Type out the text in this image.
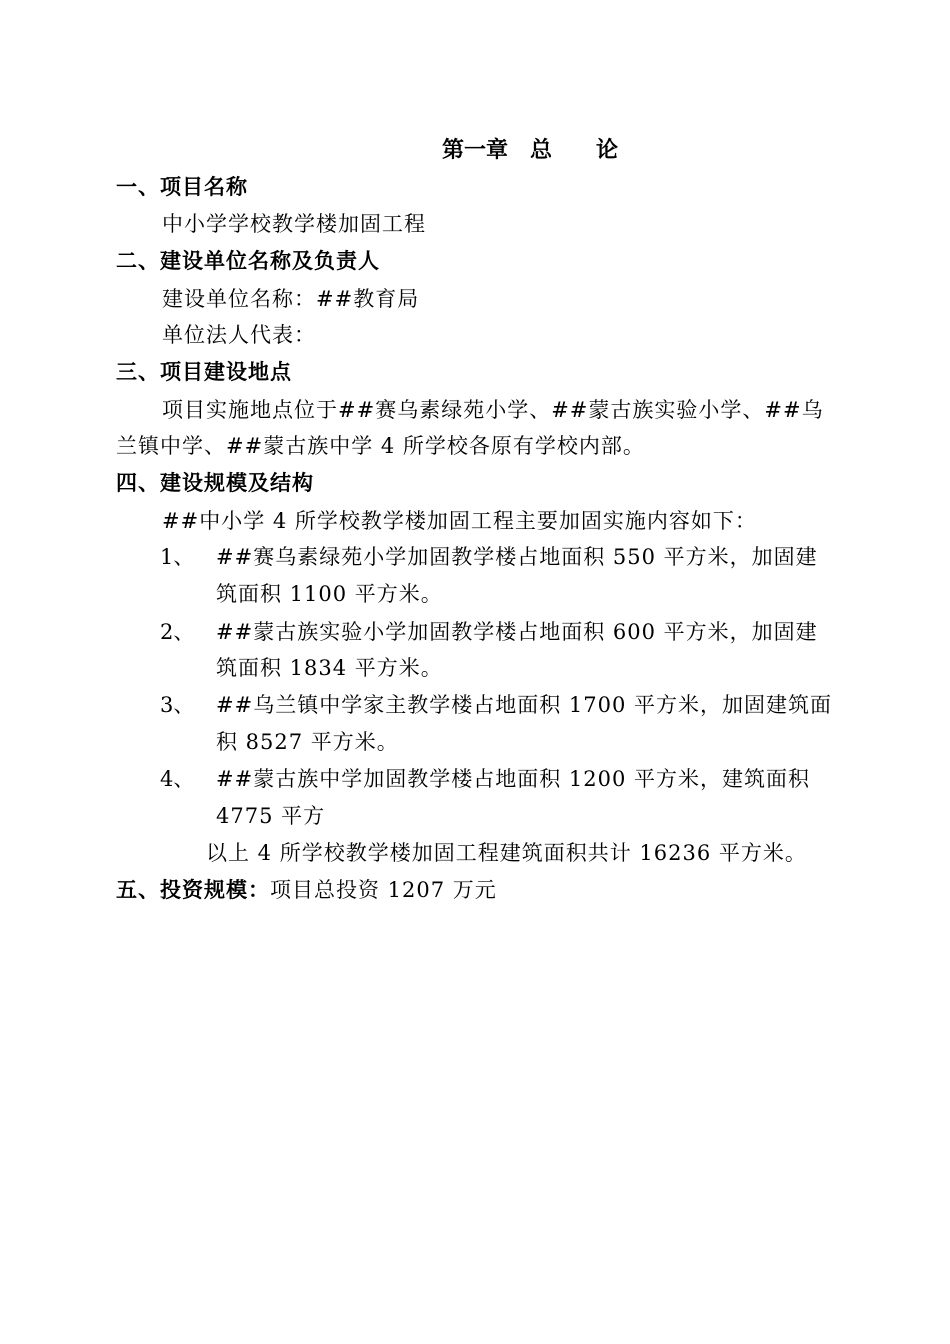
第一章　总　　论
一、项目名称
中小学学校教学楼加固工程
二、建设单位名称及负责人
建设单位名称：##教育局
单位法人代表：
三、项目建设地点
项目实施地点位于##赛乌素绿苑小学、##蒙古族实验小学、##乌
兰镇中学、##蒙古族中学 4 所学校各原有学校内部。
四、建设规模及结构
##中小学 4 所学校教学楼加固工程主要加固实施内容如下：
1、 ##赛乌素绿苑小学加固教学楼占地面积 550 平方米，加固建
筑面积 1100 平方米。
2、 ##蒙古族实验小学加固教学楼占地面积 600 平方米，加固建
筑面积 1834 平方米。
3、 ##乌兰镇中学家主教学楼占地面积 1700 平方米，加固建筑面
积 8527 平方米。
4、 ##蒙古族中学加固教学楼占地面积 1200 平方米，建筑面积
4775 平方
以上 4 所学校教学楼加固工程建筑面积共计 16236 平方米。
五、投资规模：项目总投资 1207 万元
